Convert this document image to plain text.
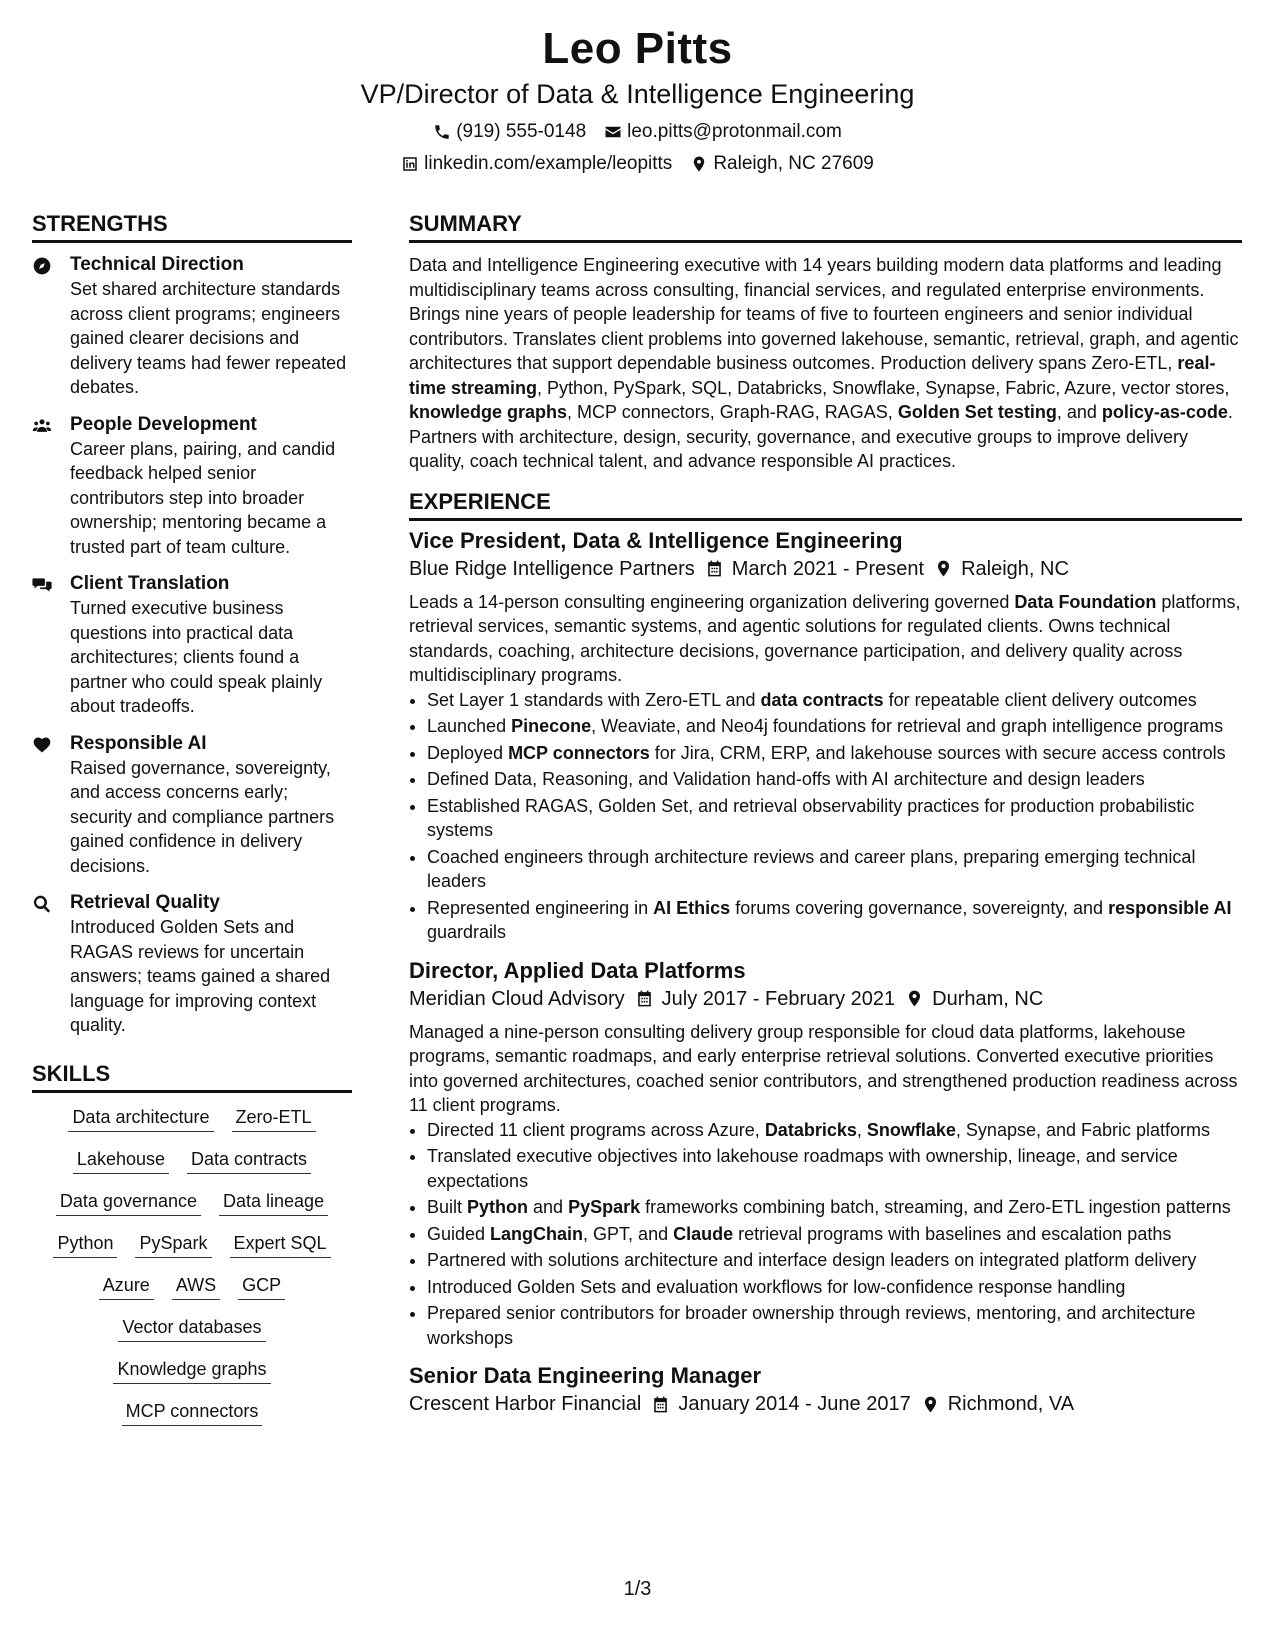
Leo Pitts
VP/Director of Data & Intelligence Engineering
(919) 555-0148 leo.pitts@protonmail.com
linkedin.com/example/leopitts Raleigh, NC 27609
STRENGTHS
Technical Direction
Set shared architecture standards across client programs; engineers gained clearer decisions and delivery teams had fewer repeated debates.
People Development
Career plans, pairing, and candid feedback helped senior contributors step into broader ownership; mentoring became a trusted part of team culture.
Client Translation
Turned executive business questions into practical data architectures; clients found a partner who could speak plainly about tradeoffs.
Responsible AI
Raised governance, sovereignty, and access concerns early; security and compliance partners gained confidence in delivery decisions.
Retrieval Quality
Introduced Golden Sets and RAGAS reviews for uncertain answers; teams gained a shared language for improving context quality.
SKILLS
Data architecture Zero-ETL
Lakehouse Data contracts
Data governance Data lineage
Python PySpark Expert SQL
Azure AWS GCP
Vector databases
Knowledge graphs
MCP connectors
SUMMARY
Data and Intelligence Engineering executive with 14 years building modern data platforms and leading multidisciplinary teams across consulting, financial services, and regulated enterprise environments. Brings nine years of people leadership for teams of five to fourteen engineers and senior individual contributors. Translates client problems into governed lakehouse, semantic, retrieval, graph, and agentic architectures that support dependable business outcomes. Production delivery spans Zero-ETL, real-time streaming, Python, PySpark, SQL, Databricks, Snowflake, Synapse, Fabric, Azure, vector stores, knowledge graphs, MCP connectors, Graph-RAG, RAGAS, Golden Set testing, and policy-as-code. Partners with architecture, design, security, governance, and executive groups to improve delivery quality, coach technical talent, and advance responsible AI practices.
EXPERIENCE
Vice President, Data & Intelligence Engineering
Blue Ridge Intelligence Partners March 2021 - Present Raleigh, NC
Leads a 14-person consulting engineering organization delivering governed Data Foundation platforms, retrieval services, semantic systems, and agentic solutions for regulated clients. Owns technical standards, coaching, architecture decisions, governance participation, and delivery quality across multidisciplinary programs.
• Set Layer 1 standards with Zero-ETL and data contracts for repeatable client delivery outcomes
• Launched Pinecone, Weaviate, and Neo4j foundations for retrieval and graph intelligence programs
• Deployed MCP connectors for Jira, CRM, ERP, and lakehouse sources with secure access controls
• Defined Data, Reasoning, and Validation hand-offs with AI architecture and design leaders
• Established RAGAS, Golden Set, and retrieval observability practices for production probabilistic systems
• Coached engineers through architecture reviews and career plans, preparing emerging technical leaders
• Represented engineering in AI Ethics forums covering governance, sovereignty, and responsible AI guardrails
Director, Applied Data Platforms
Meridian Cloud Advisory July 2017 - February 2021 Durham, NC
Managed a nine-person consulting delivery group responsible for cloud data platforms, lakehouse programs, semantic roadmaps, and early enterprise retrieval solutions. Converted executive priorities into governed architectures, coached senior contributors, and strengthened production readiness across 11 client programs.
• Directed 11 client programs across Azure, Databricks, Snowflake, Synapse, and Fabric platforms
• Translated executive objectives into lakehouse roadmaps with ownership, lineage, and service expectations
• Built Python and PySpark frameworks combining batch, streaming, and Zero-ETL ingestion patterns
• Guided LangChain, GPT, and Claude retrieval programs with baselines and escalation paths
• Partnered with solutions architecture and interface design leaders on integrated platform delivery
• Introduced Golden Sets and evaluation workflows for low-confidence response handling
• Prepared senior contributors for broader ownership through reviews, mentoring, and architecture workshops
Senior Data Engineering Manager
Crescent Harbor Financial January 2014 - June 2017 Richmond, VA
1/3
